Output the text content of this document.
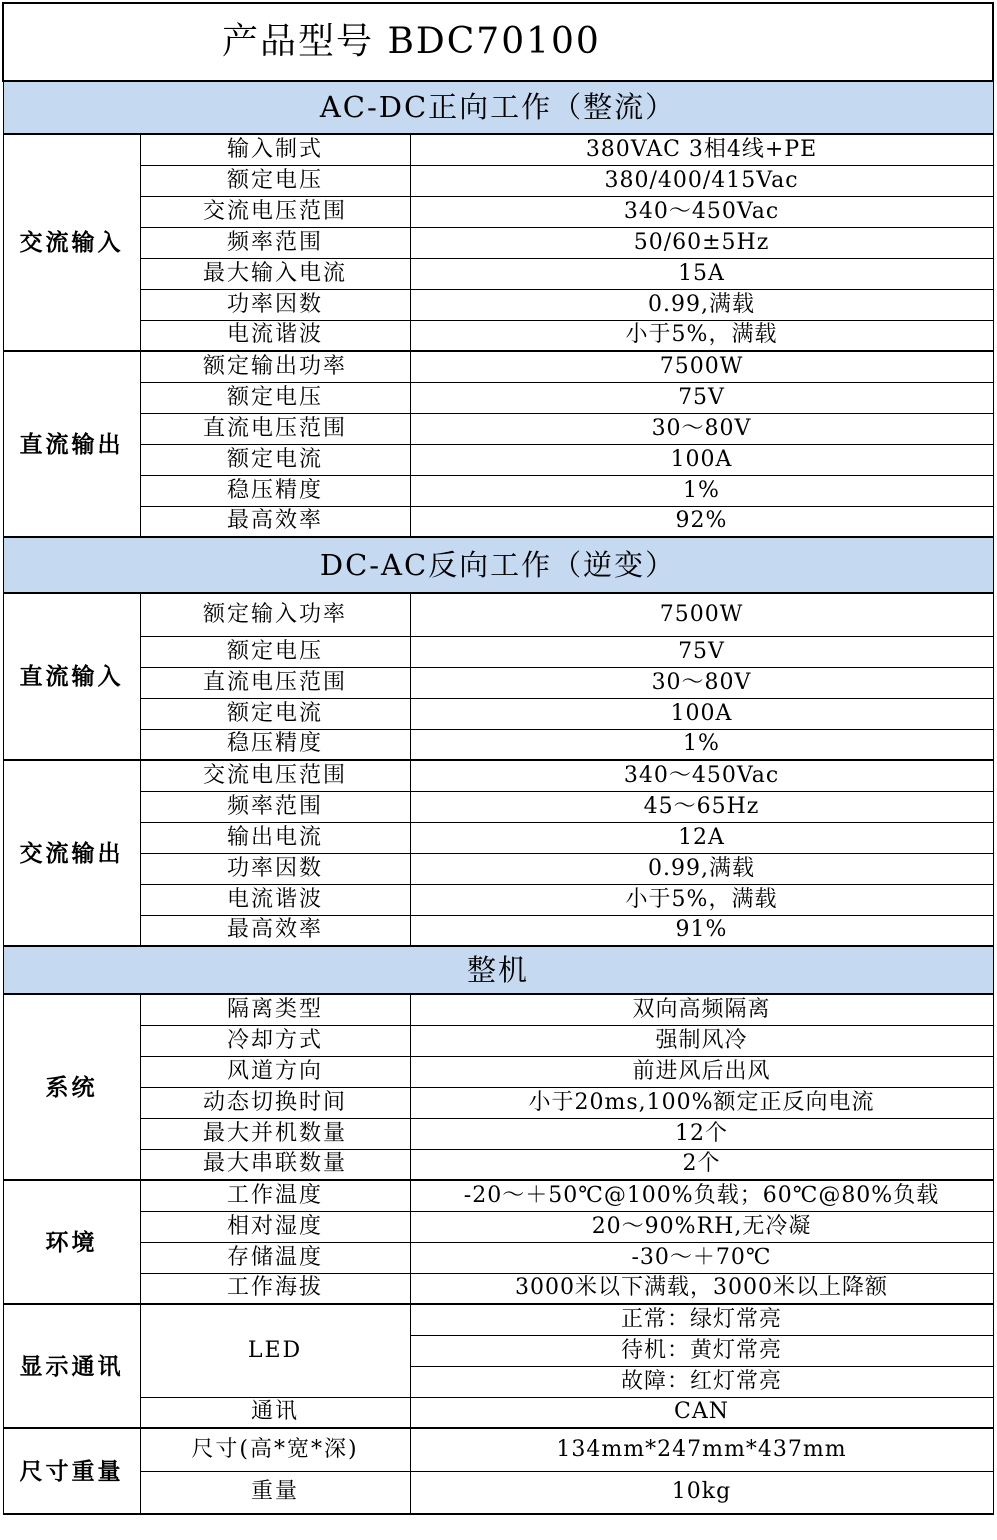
产品型号 BDC70100		
AC-DC正向工作（整流）		
交流输入	输入制式	380VAC 3相4线+PE
	额定电压	380/400/415Vac
	交流电压范围	340～450Vac
	频率范围	50/60±5Hz
	最大输入电流	15A
	功率因数	0.99,满载
	电流谐波	小于5%，满载
直流输出	额定输出功率	7500W
	额定电压	75V
	直流电压范围	30～80V
	额定电流	100A
	稳压精度	1%
	最高效率	92%
DC-AC反向工作（逆变）		
直流输入	额定输入功率	7500W
	额定电压	75V
	直流电压范围	30～80V
	额定电流	100A
	稳压精度	1%
交流输出	交流电压范围	340～450Vac
	频率范围	45～65Hz
	输出电流	12A
	功率因数	0.99,满载
	电流谐波	小于5%，满载
	最高效率	91%
整机		
系统	隔离类型	双向高频隔离
	冷却方式	强制风冷
	风道方向	前进风后出风
	动态切换时间	小于20ms,100%额定正反向电流
	最大并机数量	12个
	最大串联数量	2个
环境	工作温度	-20～＋50℃@100%负载；60℃@80%负载
	相对湿度	20～90%RH,无冷凝
	存储温度	-30～＋70℃
	工作海拔	3000米以下满载，3000米以上降额
显示通讯	LED	正常：绿灯常亮
		待机：黄灯常亮
		故障：红灯常亮
	通讯	CAN
尺寸重量	尺寸(高*宽*深)	134mm*247mm*437mm
	重量	10kg
